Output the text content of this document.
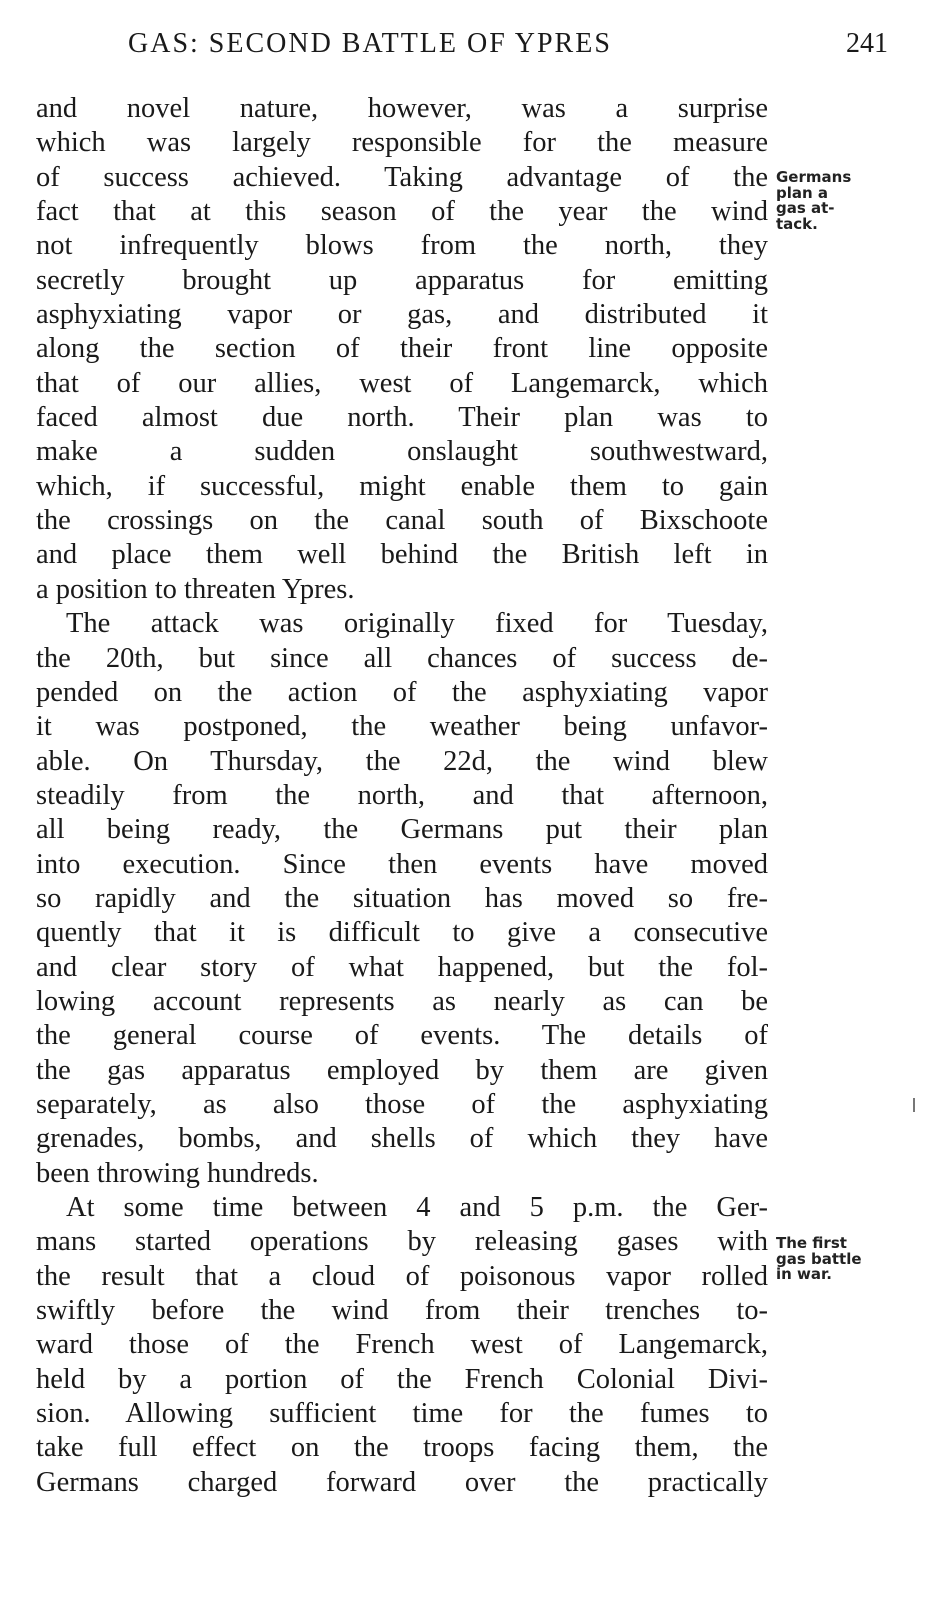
GAS: SECOND BATTLE OF YPRES	241
and novel nature, however, was a surprise
which was largely responsible for the measure
of success achieved. Taking advantage of the
fact that at this season of the year the wind
not infrequently blows from the north, they
secretly brought up apparatus for emitting
asphyxiating vapor or gas, and distributed it
along the section of their front line opposite
that of our allies, west of Langemarck, which
faced almost due north. Their plan was to
make a sudden onslaught southwestward,
which, if successful, might enable them to gain
the crossings on the canal south of Bixschoote
and place them well behind the British left in
a position to threaten Ypres.
The attack was originally fixed for Tuesday,
the 20th, but since all chances of success de-
pended on the action of the asphyxiating vapor
it was postponed, the weather being unfavor-
able. On Thursday, the 22d, the wind blew
steadily from the north, and that afternoon,
all being ready, the Germans put their plan
into execution. Since then events have moved
so rapidly and the situation has moved so fre-
quently that it is difficult to give a consecutive
and clear story of what happened, but the fol-
lowing account represents as nearly as can be
the general course of events. The details of
the gas apparatus employed by them are given
separately, as also those of the asphyxiating
grenades, bombs, and shells of which they have
been throwing hundreds.
At some time between 4 and 5 p.m. the Ger-
mans started operations by releasing gases with
the result that a cloud of poisonous vapor rolled
swiftly before the wind from their trenches to-
ward those of the French west of Langemarck,
held by a portion of the French Colonial Divi-
sion. Allowing sufficient time for the fumes to
take full effect on the troops facing them, the
Germans charged forward over the practically
Germans
plan a
gas at-
tack.
The first
gas battle
in war.
